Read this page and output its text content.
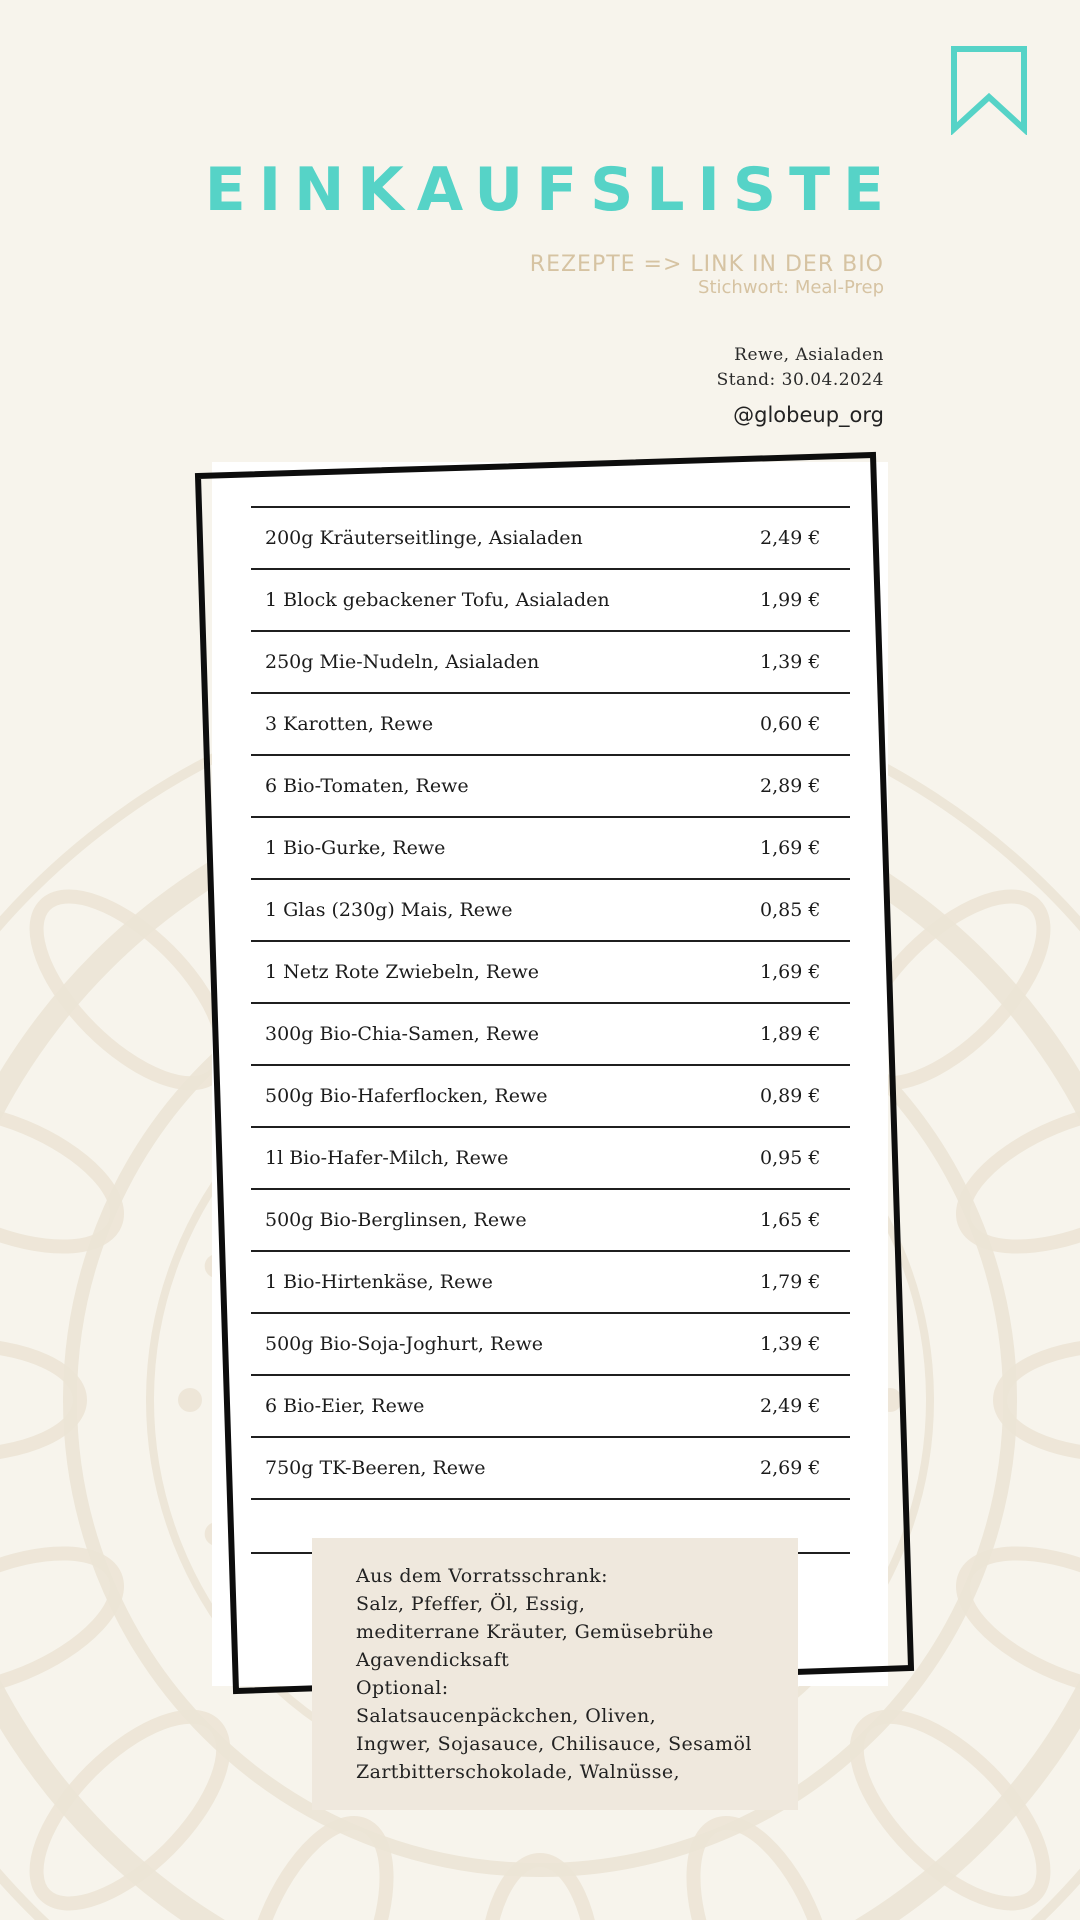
EINKAUFSLISTE
REZEPTE => LINK IN DER BIO
Stichwort: Meal-Prep
Rewe, Asialaden
Stand: 30.04.2024
@globeup_org
200g Kräuterseitlinge, Asialaden	2,49 €
1 Block gebackener Tofu, Asialaden	1,99 €
250g Mie-Nudeln, Asialaden	1,39 €
3 Karotten, Rewe	0,60 €
6 Bio-Tomaten, Rewe	2,89 €
1 Bio-Gurke, Rewe	1,69 €
1 Glas (230g) Mais, Rewe	0,85 €
1 Netz Rote Zwiebeln, Rewe	1,69 €
300g Bio-Chia-Samen, Rewe	1,89 €
500g Bio-Haferflocken, Rewe	0,89 €
1l Bio-Hafer-Milch, Rewe	0,95 €
500g Bio-Berglinsen, Rewe	1,65 €
1 Bio-Hirtenkäse, Rewe	1,79 €
500g Bio-Soja-Joghurt, Rewe	1,39 €
6 Bio-Eier, Rewe	2,49 €
750g TK-Beeren, Rewe	2,69 €
Aus dem Vorratsschrank:
Salz, Pfeffer, Öl, Essig,
mediterrane Kräuter, Gemüsebrühe
Agavendicksaft
Optional:
Salatsaucenpäckchen, Oliven,
Ingwer, Sojasauce, Chilisauce, Sesamöl
Zartbitterschokolade, Walnüsse,
